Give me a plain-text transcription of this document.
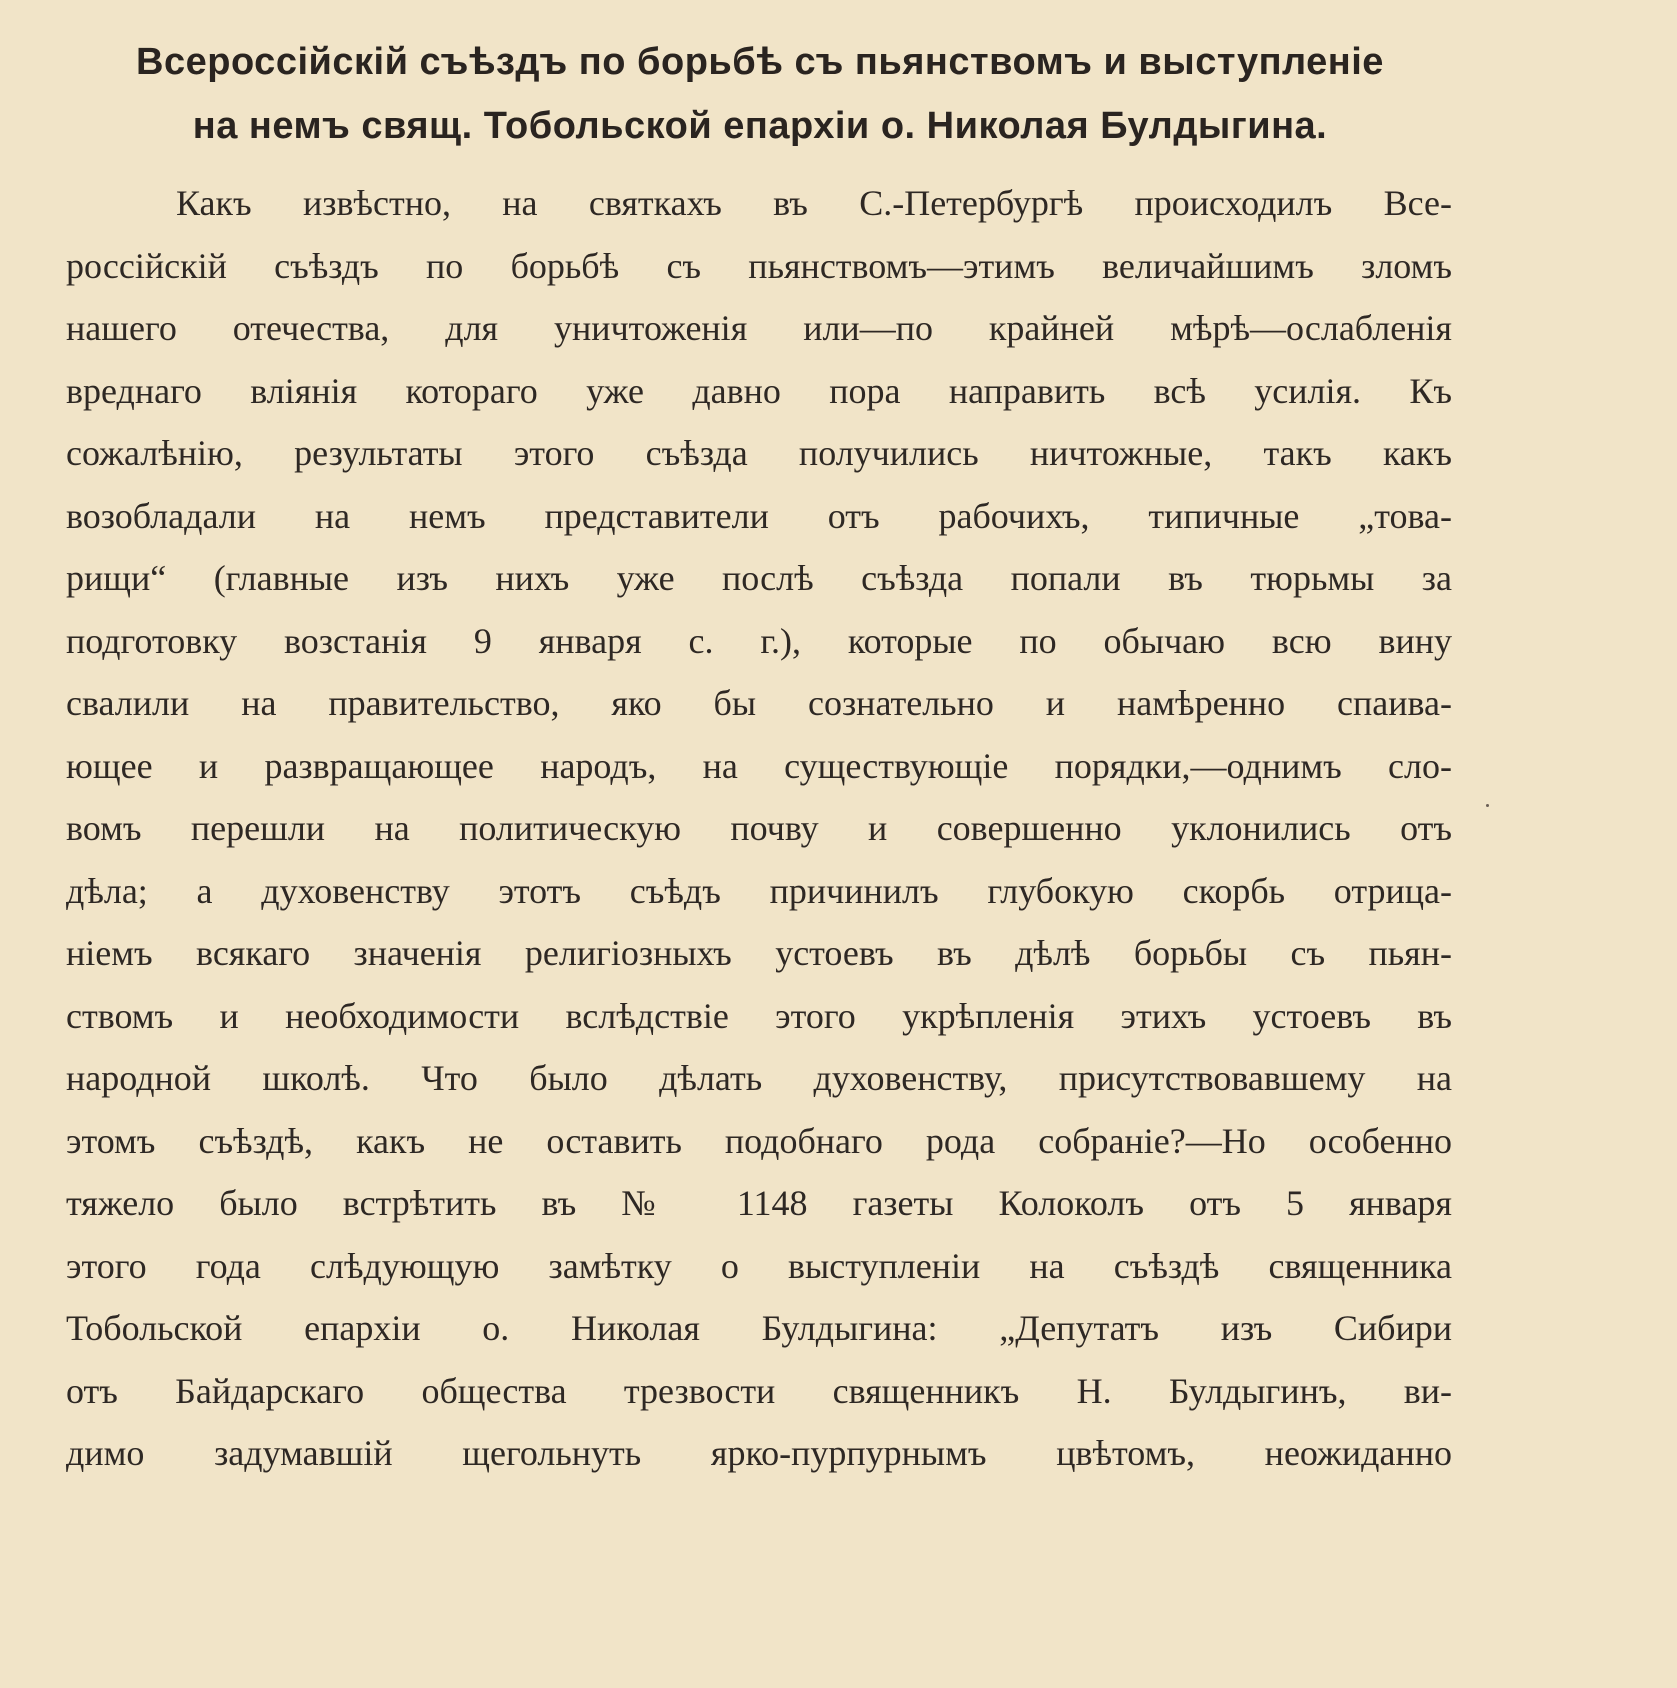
Всероссійскій съѣздъ по борьбѣ съ пьянствомъ и выступленіе
на немъ свящ. Тобольской епархіи о. Николая Булдыгина.
Какъ извѣстно, на святкахъ въ С.-Петербургѣ происходилъ Все-
россійскій съѣздъ по борьбѣ съ пьянствомъ—этимъ величайшимъ зломъ
нашего отечества, для уничтоженія или—по крайней мѣрѣ—ослабленія
вреднаго вліянія котораго уже давно пора направить всѣ усилія. Къ
сожалѣнію, результаты этого съѣзда получились ничтожные, такъ какъ
возобладали на немъ представители отъ рабочихъ, типичные „това-
рищи“ (главные изъ нихъ уже послѣ съѣзда попали въ тюрьмы за
подготовку возстанія 9 января с. г.), которые по обычаю всю вину
свалили на правительство, яко бы сознательно и намѣренно спаива-
ющее и развращающее народъ, на существующіе порядки,—однимъ сло-
вомъ перешли на политическую почву и совершенно уклонились отъ
дѣла; а духовенству этотъ съѣдъ причинилъ глубокую скорбь отрица-
ніемъ всякаго значенія религіозныхъ устоевъ въ дѣлѣ борьбы съ пьян-
ствомъ и необходимости вслѣдствіе этого укрѣпленія этихъ устоевъ въ
народной школѣ. Что было дѣлать духовенству, присутствовавшему на
этомъ съѣздѣ, какъ не оставить подобнаго рода собраніе?—Но особенно
тяжело было встрѣтить въ № 1148 газеты Колоколъ отъ 5 января
этого года слѣдующую замѣтку о выступленіи на съѣздѣ священника
Тобольской епархіи о. Николая Булдыгина: „Депутатъ изъ Сибири
отъ Байдарскаго общества трезвости священникъ Н. Булдыгинъ, ви-
димо задумавшій щегольнуть ярко-пурпурнымъ цвѣтомъ, неожиданно
